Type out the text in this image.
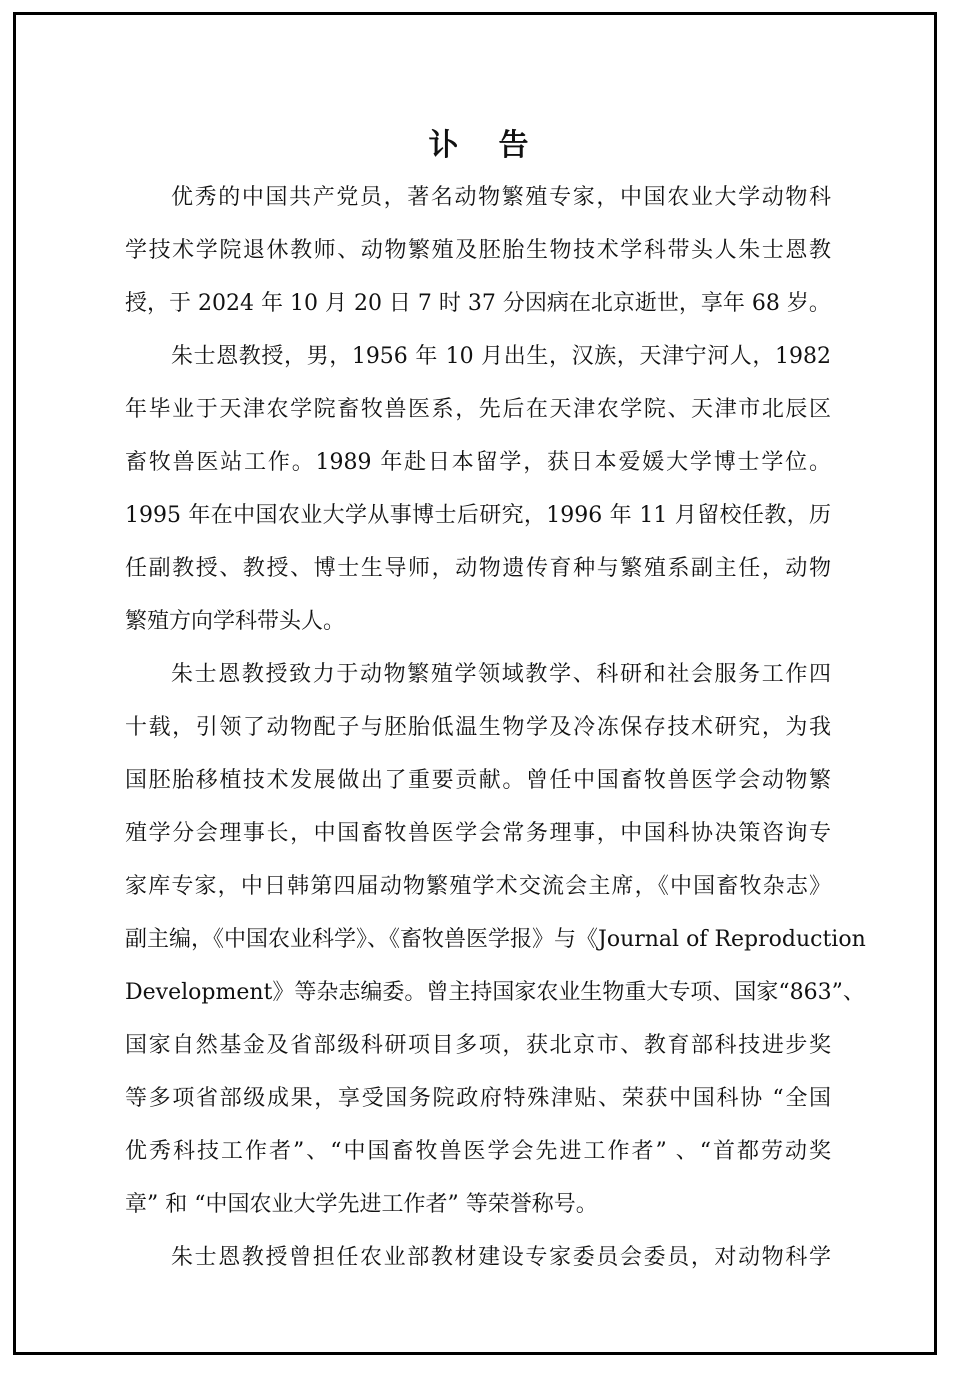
讣 告
优秀的中国共产党员，著名动物繁殖专家，中国农业大学动物科
学技术学院退休教师、动物繁殖及胚胎生物技术学科带头人朱士恩教
授，于 2024 年 10 月 20 日 7 时 37 分因病在北京逝世，享年 68 岁。
朱士恩教授，男，1956 年 10 月出生，汉族，天津宁河人，1982
年毕业于天津农学院畜牧兽医系，先后在天津农学院、天津市北辰区
畜牧兽医站工作。1989 年赴日本留学，获日本爱媛大学博士学位。
1995 年在中国农业大学从事博士后研究，1996 年 11 月留校任教，历
任副教授、教授、博士生导师，动物遗传育种与繁殖系副主任，动物
繁殖方向学科带头人。
朱士恩教授致力于动物繁殖学领域教学、科研和社会服务工作四
十载，引领了动物配子与胚胎低温生物学及冷冻保存技术研究，为我
国胚胎移植技术发展做出了重要贡献。曾任中国畜牧兽医学会动物繁
殖学分会理事长，中国畜牧兽医学会常务理事，中国科协决策咨询专
家库专家，中日韩第四届动物繁殖学术交流会主席，《中国畜牧杂志》
副主编，《中国农业科学》、《畜牧兽医学报》与《Journal of Reproduction
Development》等杂志编委。曾主持国家农业生物重大专项、国家“863”、
国家自然基金及省部级科研项目多项，获北京市、教育部科技进步奖
等多项省部级成果，享受国务院政府特殊津贴、荣获中国科协 “全国
优秀科技工作者”、“中国畜牧兽医学会先进工作者” 、“首都劳动奖
章” 和 “中国农业大学先进工作者” 等荣誉称号。
朱士恩教授曾担任农业部教材建设专家委员会委员，对动物科学
